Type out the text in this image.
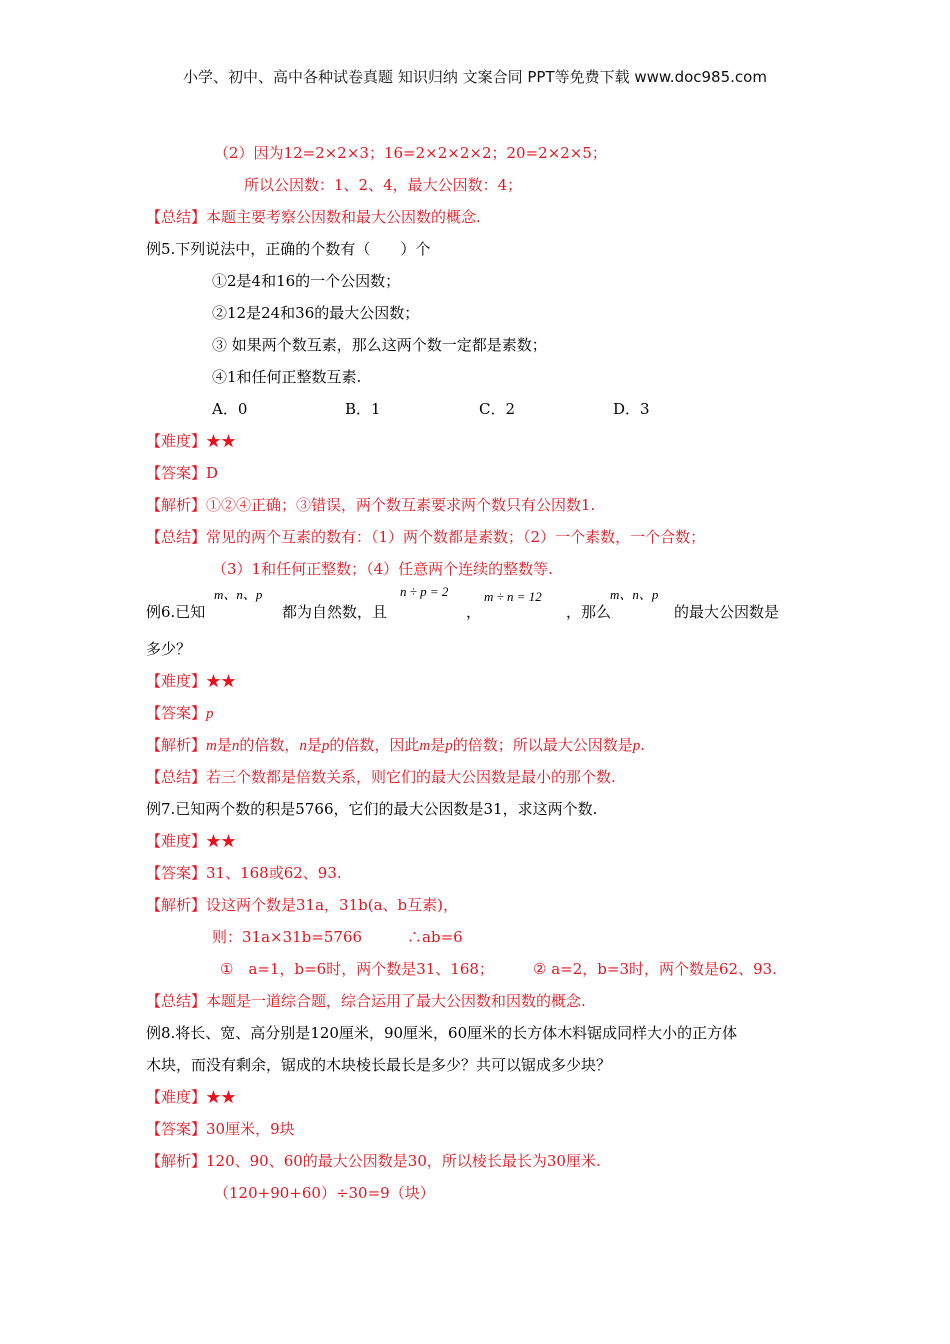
小学、初中、高中各种试卷真题 知识归纳 文案合同 PPT等免费下载 www.doc985.com
（2）因为12=2×2×3；16=2×2×2×2；20=2×2×5；
所以公因数：1、2、4，最大公因数：4；
【总结】本题主要考察公因数和最大公因数的概念.
例5.下列说法中，正确的个数有（　　）个
①2是4和16的一个公因数；
②12是24和36的最大公因数；
③ 如果两个数互素，那么这两个数一定都是素数；
④1和任何正整数互素.
A．0	B．1	C．2	D．3
【难度】★★
【答案】D
【解析】①②④正确；③错误，两个数互素要求两个数只有公因数1.
【总结】常见的两个互素的数有：（1）两个数都是素数；（2）一个素数，一个合数；
（3）1和任何正整数；（4）任意两个连续的整数等.
m、n、p	n ÷ p = 2	m ÷ n = 12	m、n、p
例6.已知	都为自然数，且	，	，那么	的最大公因数是
多少？
【难度】★★
【答案】p
【解析】m是n的倍数，n是p的倍数，因此m是p的倍数；所以最大公因数是p.
【总结】若三个数都是倍数关系，则它们的最大公因数是最小的那个数.
例7.已知两个数的积是5766，它们的最大公因数是31，求这两个数.
【难度】★★
【答案】31、168或62、93.
【解析】设这两个数是31a，31b(a、b互素)，
则：31a×31b=5766　　　∴ab=6
①　a=1，b=6时，两个数是31、168；	② a=2，b=3时，两个数是62、93.
【总结】本题是一道综合题，综合运用了最大公因数和因数的概念.
例8.将长、宽、高分别是120厘米，90厘米，60厘米的长方体木料锯成同样大小的正方体
木块，而没有剩余，锯成的木块棱长最长是多少？共可以锯成多少块？
【难度】★★
【答案】30厘米，9块
【解析】120、90、60的最大公因数是30，所以棱长最长为30厘米.
（120+90+60）÷30=9（块）
